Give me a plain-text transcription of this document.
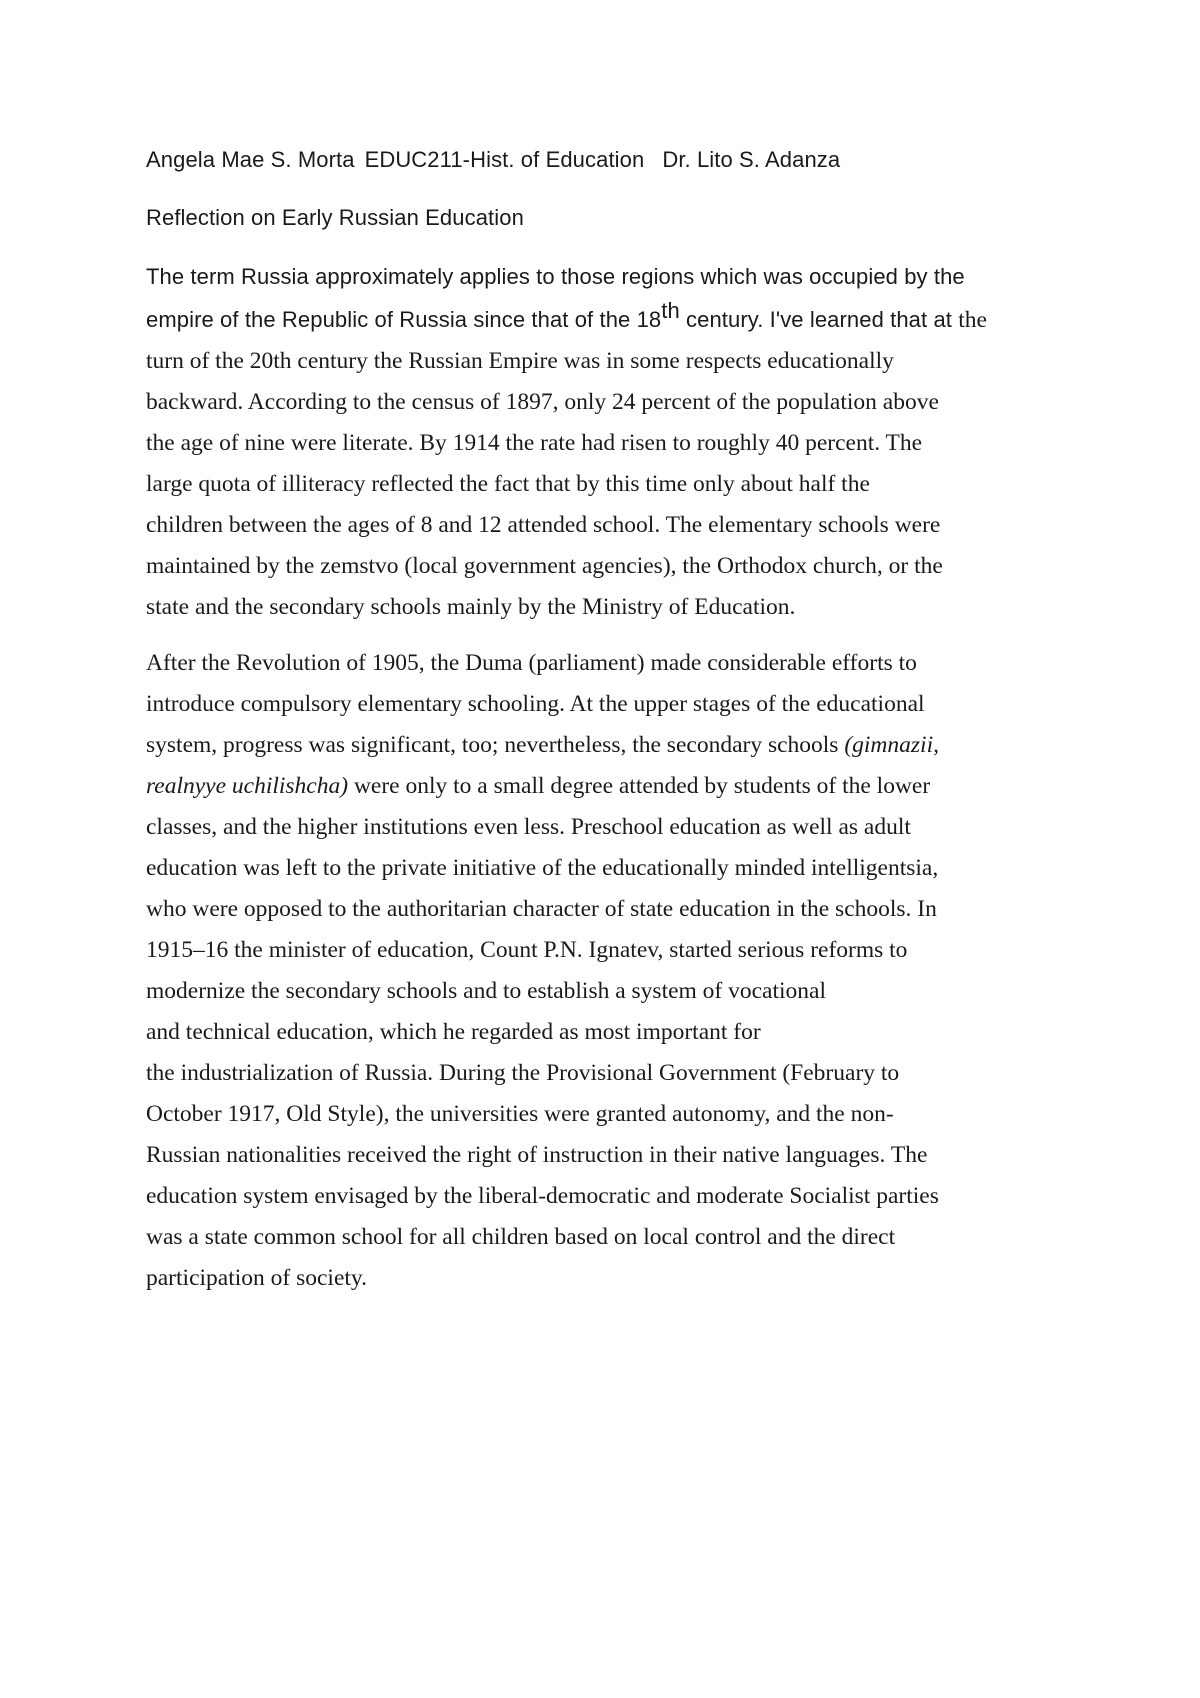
Angela Mae S. Morta EDUC211-Hist. of Education Dr. Lito S. Adanza
Reflection on Early Russian Education
The term Russia approximately applies to those regions which was occupied by the
empire of the Republic of Russia since that of the 18th century. I've learned that at the
turn of the 20th century the Russian Empire was in some respects educationally
backward. According to the census of 1897, only 24 percent of the population above
the age of nine were literate. By 1914 the rate had risen to roughly 40 percent. The
large quota of illiteracy reflected the fact that by this time only about half the
children between the ages of 8 and 12 attended school. The elementary schools were
maintained by the zemstvo (local government agencies), the Orthodox church, or the
state and the secondary schools mainly by the Ministry of Education.
After the Revolution of 1905, the Duma (parliament) made considerable efforts to
introduce compulsory elementary schooling. At the upper stages of the educational
system, progress was significant, too; nevertheless, the secondary schools (gimnazii,
realnyye uchilishcha) were only to a small degree attended by students of the lower
classes, and the higher institutions even less. Preschool education as well as adult
education was left to the private initiative of the educationally minded intelligentsia,
who were opposed to the authoritarian character of state education in the schools. In
1915–16 the minister of education, Count P.N. Ignatev, started serious reforms to
modernize the secondary schools and to establish a system of vocational
and technical education, which he regarded as most important for
the industrialization of Russia. During the Provisional Government (February to
October 1917, Old Style), the universities were granted autonomy, and the non-
Russian nationalities received the right of instruction in their native languages. The
education system envisaged by the liberal-democratic and moderate Socialist parties
was a state common school for all children based on local control and the direct
participation of society.
